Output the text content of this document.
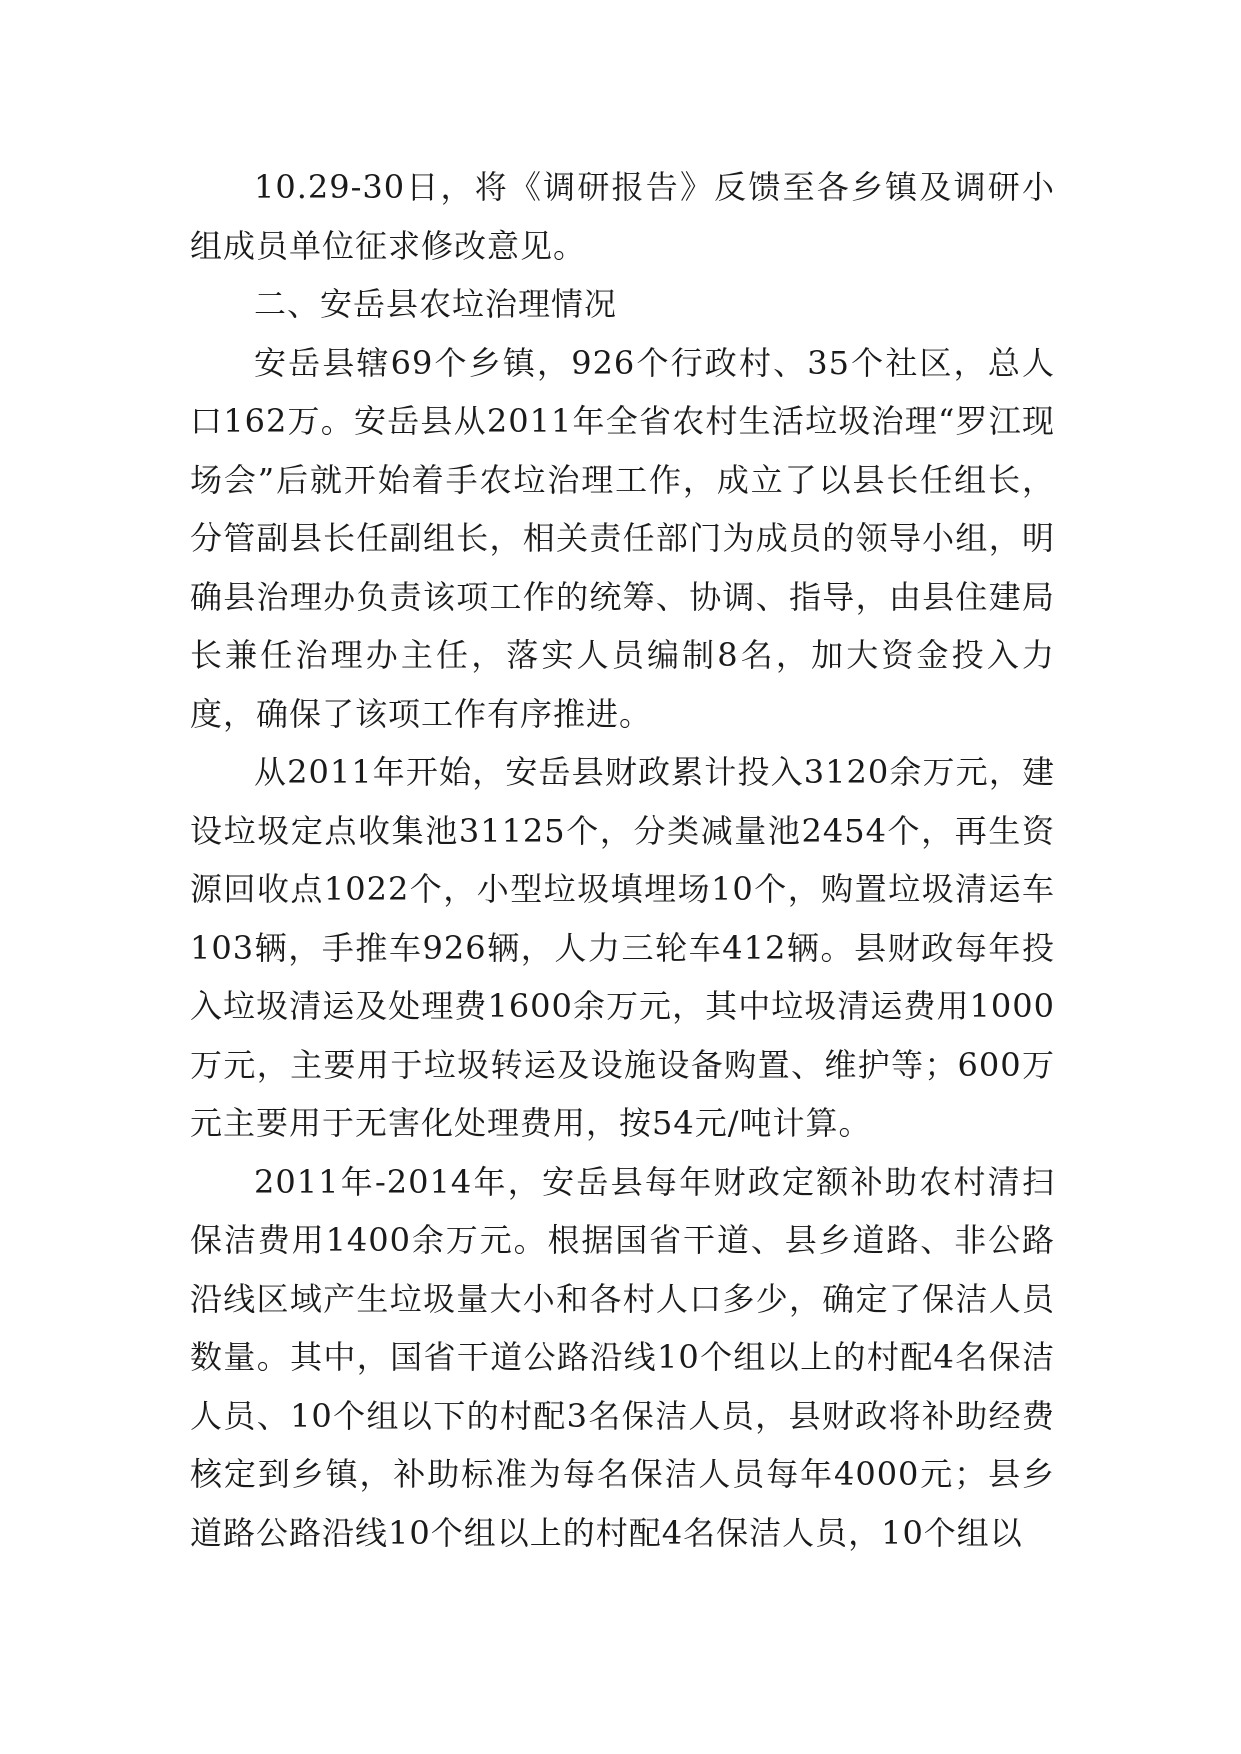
10.29-30日，将《调研报告》反馈至各乡镇及调研小组成员单位征求修改意见。

二、安岳县农垃治理情况

安岳县辖69个乡镇，926个行政村、35个社区，总人口162万。安岳县从2011年全省农村生活垃圾治理“罗江现场会”后就开始着手农垃治理工作，成立了以县长任组长，分管副县长任副组长，相关责任部门为成员的领导小组，明确县治理办负责该项工作的统筹、协调、指导，由县住建局长兼任治理办主任，落实人员编制8名，加大资金投入力度，确保了该项工作有序推进。

从2011年开始，安岳县财政累计投入3120余万元，建设垃圾定点收集池31125个，分类减量池2454个，再生资源回收点1022个，小型垃圾填埋场10个，购置垃圾清运车103辆，手推车926辆，人力三轮车412辆。县财政每年投入垃圾清运及处理费1600余万元，其中垃圾清运费用1000万元，主要用于垃圾转运及设施设备购置、维护等；600万元主要用于无害化处理费用，按54元/吨计算。

2011年-2014年，安岳县每年财政定额补助农村清扫保洁费用1400余万元。根据国省干道、县乡道路、非公路沿线区域产生垃圾量大小和各村人口多少，确定了保洁人员数量。其中，国省干道公路沿线10个组以上的村配4名保洁人员、10个组以下的村配3名保洁人员，县财政将补助经费核定到乡镇，补助标准为每名保洁人员每年4000元；县乡道路公路沿线10个组以上的村配4名保洁人员，10个组以
